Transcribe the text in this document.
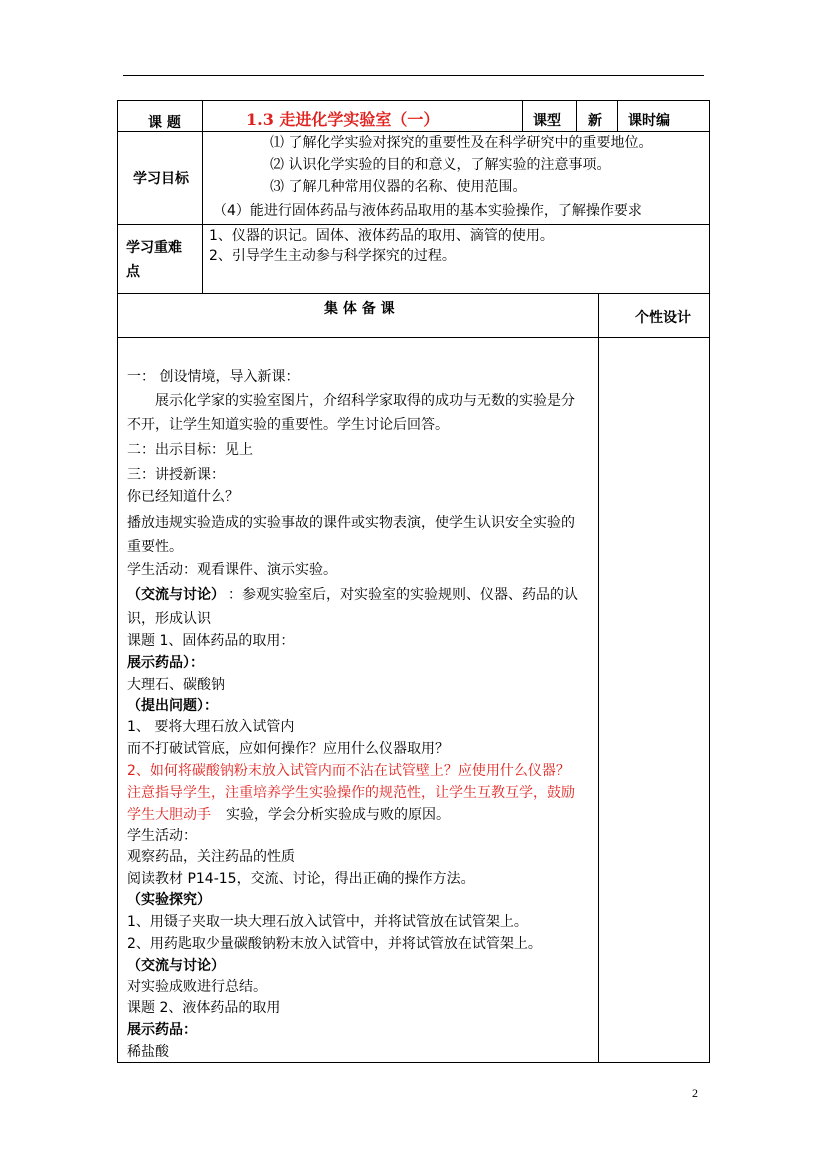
课 题	1.3 走进化学实验室（一）	课型 新 课时编
学习目标
⑴ 了解化学实验对探究的重要性及在科学研究中的重要地位。
⑵ 认识化学实验的目的和意义，了解实验的注意事项。
⑶ 了解几种常用仪器的名称、使用范围。
（4）能进行固体药品与液体药品取用的基本实验操作，了解操作要求
学习重难
点
1、仪器的识记。固体、液体药品的取用、滴管的使用。
2、引导学生主动参与科学探究的过程。
集 体 备 课
个性设计
一： 创设情境，导入新课：
展示化学家的实验室图片，介绍科学家取得的成功与无数的实验是分
不开，让学生知道实验的重要性。学生讨论后回答。
二：出示目标：见上
三：讲授新课：
你已经知道什么？
播放违规实验造成的实验事故的课件或实物表演，使学生认识安全实验的
重要性。
学生活动：观看课件、演示实验。
（交流与讨论） ：参观实验室后，对实验室的实验规则、仪器、药品的认
识，形成认识
课题 1、固体药品的取用：
展示药品）：
大理石、碳酸钠
（提出问题）：
1、 要将大理石放入试管内
而不打破试管底，应如何操作？应用什么仪器取用？
2、如何将碳酸钠粉末放入试管内而不沾在试管壁上？应使用什么仪器？
注意指导学生，注重培养学生实验操作的规范性，让学生互教互学，鼓励
学生大胆动手 实验，学会分析实验成与败的原因。
学生活动：
观察药品，关注药品的性质
阅读教材 P14-15，交流、讨论，得出正确的操作方法。
（实验探究）
1、用镊子夹取一块大理石放入试管中，并将试管放在试管架上。
2、用药匙取少量碳酸钠粉末放入试管中，并将试管放在试管架上。
（交流与讨论）
对实验成败进行总结。
课题 2、液体药品的取用
展示药品：
稀盐酸
2
